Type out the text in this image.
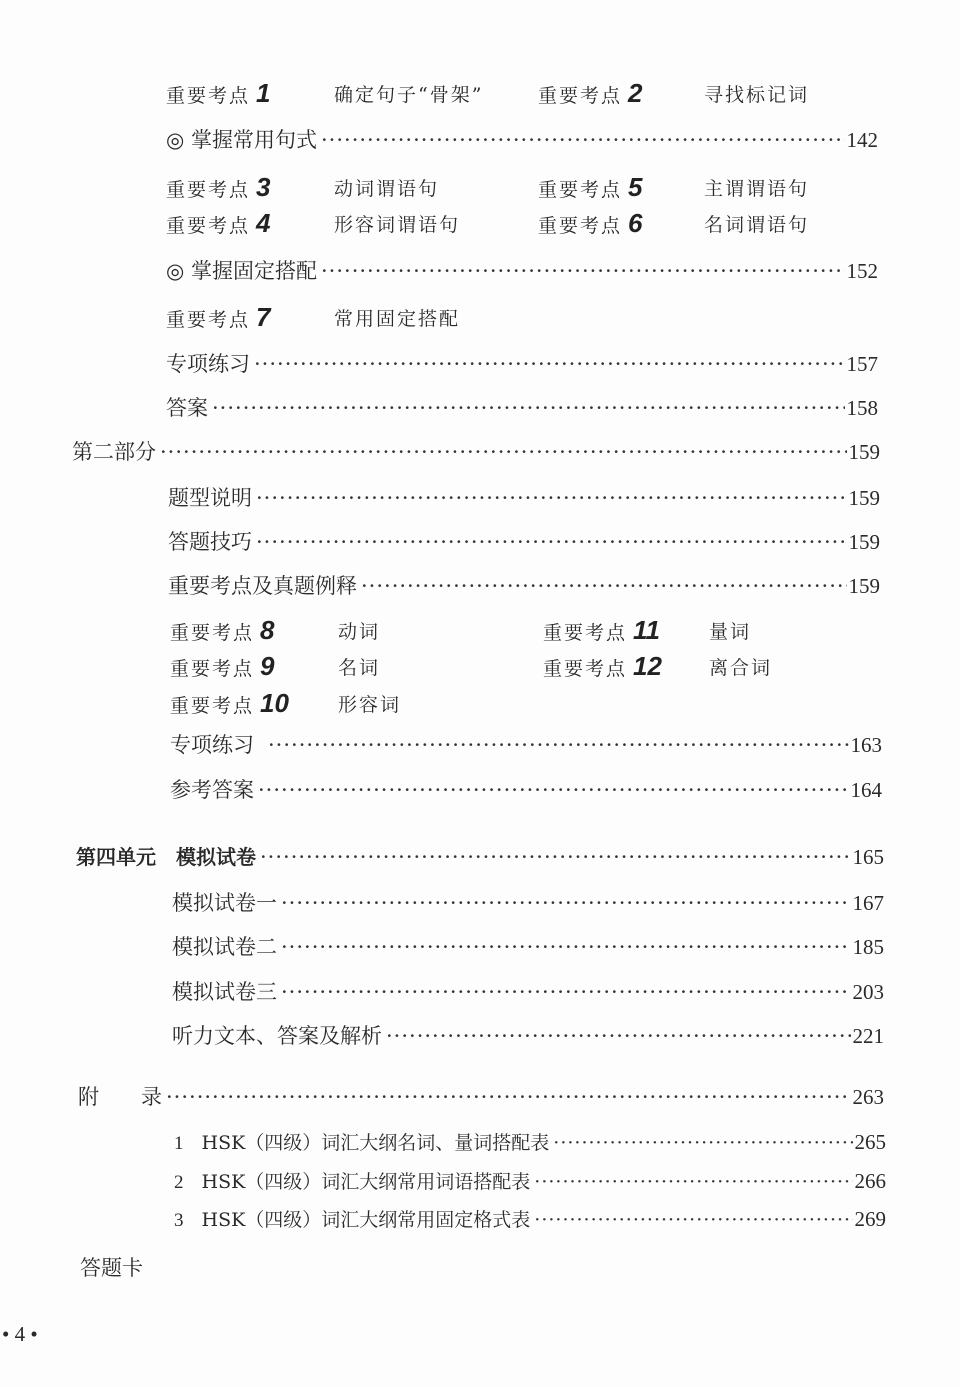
重要考点 1	确定句子“骨架”	重要考点 2	寻找标记词
◎ 掌握常用句式 ·····	142
重要考点 3	动词谓语句	重要考点 5	主谓谓语句
重要考点 4	形容词谓语句	重要考点 6	名词谓语句
◎ 掌握固定搭配 ·····	152
重要考点 7	常用固定搭配
专项练习 ·····	157
答案 ·····	158
第二部分 ·····	159
题型说明 ·····	159
答题技巧 ·····	159
重要考点及真题例释 ·····	159
重要考点 8	动词	重要考点 11	量词
重要考点 9	名词	重要考点 12 离合词
重要考点 10	形容词
专项练习 ·····	163
参考答案 ·····	164
第四单元　模拟试卷 ·····	165
模拟试卷一 ·····	167
模拟试卷二 ·····	185
模拟试卷三 ·····	203
听力文本、答案及解析 ·····	221
附　　录 ·····	263
1 HSK（四级）词汇大纲名词、量词搭配表 ·····	265
2 HSK（四级）词汇大纲常用词语搭配表 ·····	266
3 HSK（四级）词汇大纲常用固定格式表 ·····	269
答题卡
• 4 •
